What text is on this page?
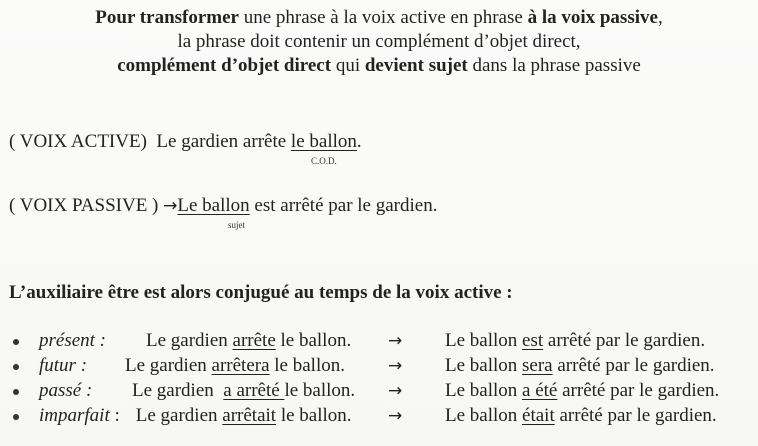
Pour transformer une phrase à la voix active en phrase à la voix passive,
la phrase doit contenir un complément d’objet direct,
complément d’objet direct qui devient sujet dans la phrase passive
( VOIX ACTIVE) Le gardien arrête le ballon.
C.O.D.
( VOIX PASSIVE ) →Le ballon est arrêté par le gardien.
sujet
L’auxiliaire être est alors conjugué au temps de la voix active :
présent : Le gardien arrête le ballon. → Le ballon est arrêté par le gardien.
futur : Le gardien arrêtera le ballon.	→ Le ballon sera arrêté par le gardien.
passé : Le gardien  a arrêté le ballon. → Le ballon a été arrêté par le gardien.
imparfait : Le gardien arrêtait le ballon. → Le ballon était arrêté par le gardien.
